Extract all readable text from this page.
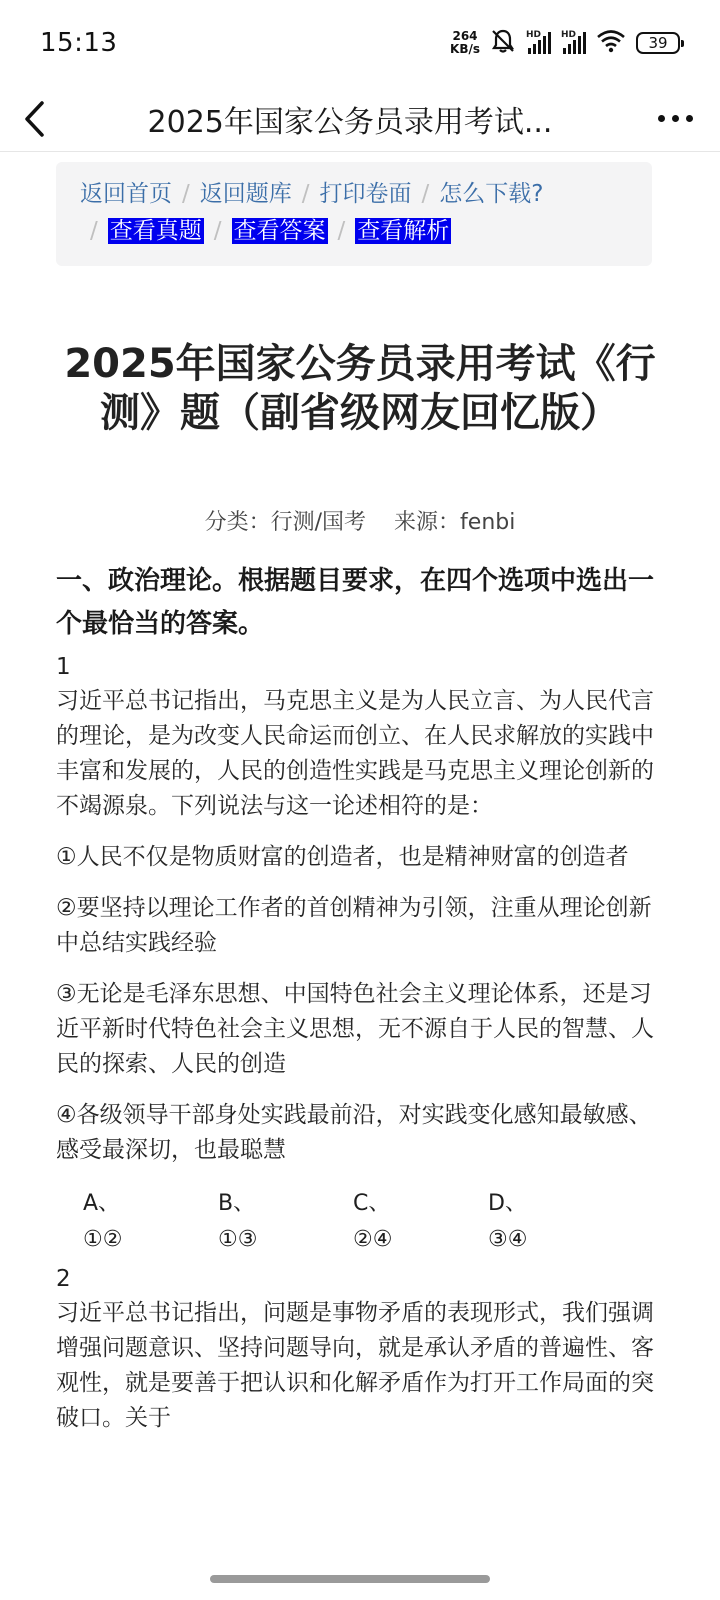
15:13	264
KB/s
HD HD	39
2025年国家公务员录用考试...
返回首页 / 返回题库 / 打印卷面 / 怎么下载?
/ 查看真题 / 查看答案 / 查看解析
2025年国家公务员录用考试《行测》题（副省级网友回忆版）
分类：行测/国考 来源：fenbi
一、政治理论。根据题目要求，在四个选项中选出一个最恰当的答案。
1
习近平总书记指出，马克思主义是为人民立言、为人民代言的理论，是为改变人民命运而创立、在人民求解放的实践中丰富和发展的，人民的创造性实践是马克思主义理论创新的不竭源泉。下列说法与这一论述相符的是：
①人民不仅是物质财富的创造者，也是精神财富的创造者
②要坚持以理论工作者的首创精神为引领，注重从理论创新中总结实践经验
③无论是毛泽东思想、中国特色社会主义理论体系，还是习近平新时代特色社会主义思想，无不源自于人民的智慧、人民的探索、人民的创造
④各级领导干部身处实践最前沿，对实践变化感知最敏感、感受最深切，也最聪慧
A、
①②
B、
①③
C、
②④
D、
③④
2
习近平总书记指出，问题是事物矛盾的表现形式，我们强调增强问题意识、坚持问题导向，就是承认矛盾的普遍性、客观性，就是要善于把认识和化解矛盾作为打开工作局面的突破口。关于
